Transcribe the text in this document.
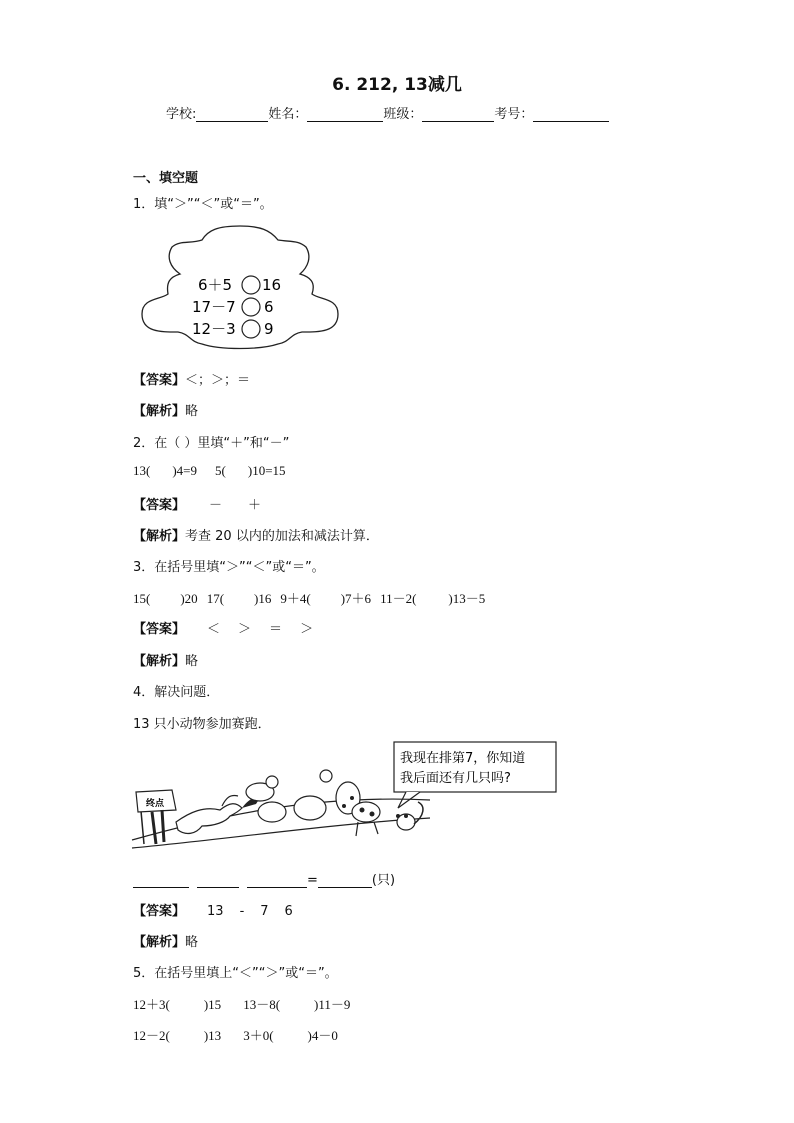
6. 212, 13减几
学校:	姓名：	班级：	考号：
一、填空题
1．填“＞”“＜”或“＝”。
6＋5 16
17－7 6
12－3 9
【答案】＜；＞；＝
【解析】略
2．在（ ）里填“＋”和“－”
13( )4=9 5( )10=15
【答案】 － ＋
【解析】考查 20 以内的加法和减法计算．
3．在括号里填“＞”“＜”或“＝”。
15( )20 17( )16 9＋4( )7＋6 11－2( )13－5
【答案】 ＜ ＞ ＝ ＞
【解析】略
4．解决问题．
13 只小动物参加赛跑．
我现在排第7，你知道
我后面还有几只吗?
终点
=	(只)
【答案】 13 - 7 6
【解析】略
5．在括号里填上“＜”“＞”或“＝”。
12＋3(	)15 13－8(	)11－9
12－2(	)13 3＋0(	)4－0
